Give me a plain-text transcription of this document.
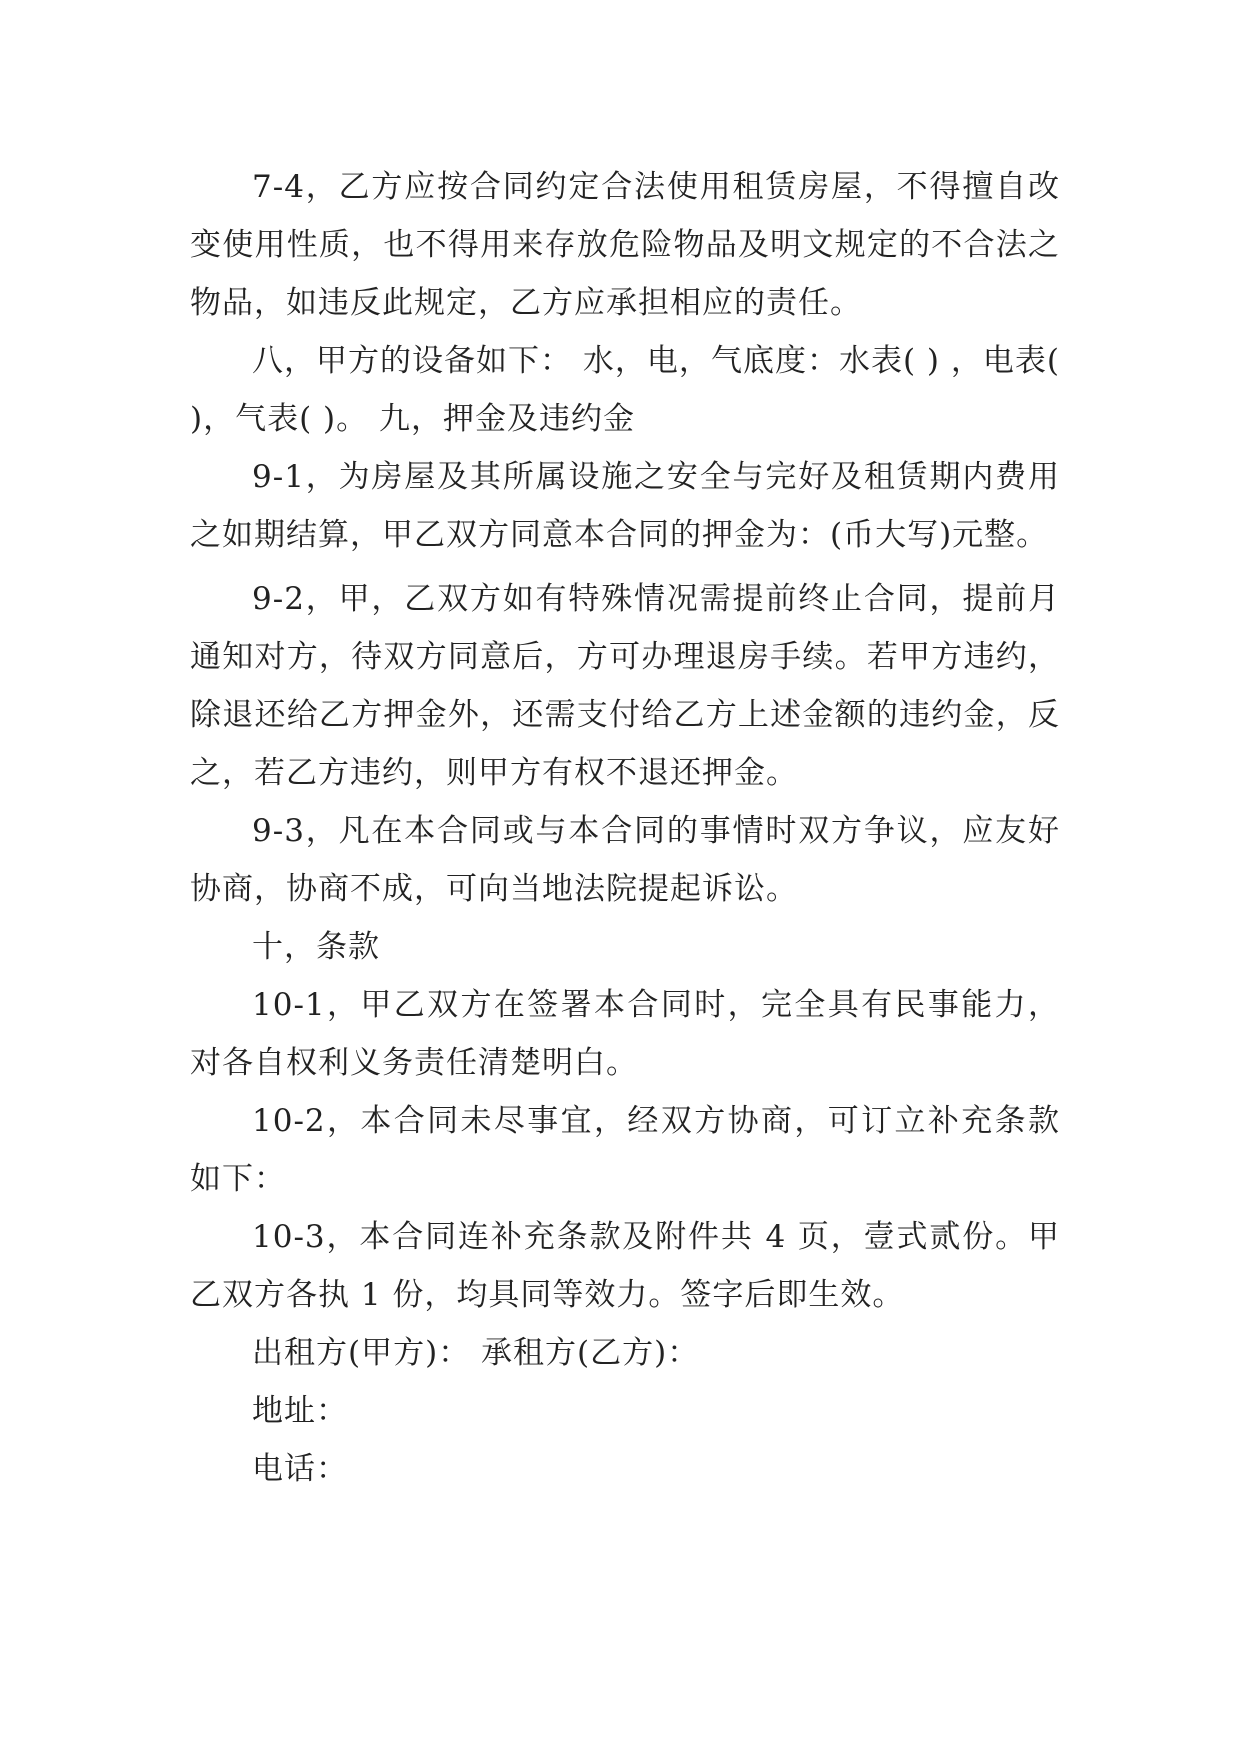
7-4，乙方应按合同约定合法使用租赁房屋，不得擅自改变使用性质，也不得用来存放危险物品及明文规定的不合法之物品，如违反此规定，乙方应承担相应的责任。

八，甲方的设备如下： 水，电，气底度：水表( ) ，电表( )，气表( )。 九，押金及违约金

9-1，为房屋及其所属设施之安全与完好及租赁期内费用之如期结算，甲乙双方同意本合同的押金为：(币大写)元整。

9-2，甲，乙双方如有特殊情况需提前终止合同，提前月通知对方，待双方同意后，方可办理退房手续。若甲方违约，除退还给乙方押金外，还需支付给乙方上述金额的违约金，反之，若乙方违约，则甲方有权不退还押金。

9-3，凡在本合同或与本合同的事情时双方争议，应友好协商，协商不成，可向当地法院提起诉讼。

十，条款

10-1，甲乙双方在签署本合同时，完全具有民事能力，对各自权利义务责任清楚明白。

10-2，本合同未尽事宜，经双方协商，可订立补充条款如下：

10-3，本合同连补充条款及附件共 4 页，壹式贰份。甲乙双方各执 1 份，均具同等效力。签字后即生效。

出租方(甲方)： 承租方(乙方)：

地址：

电话：
